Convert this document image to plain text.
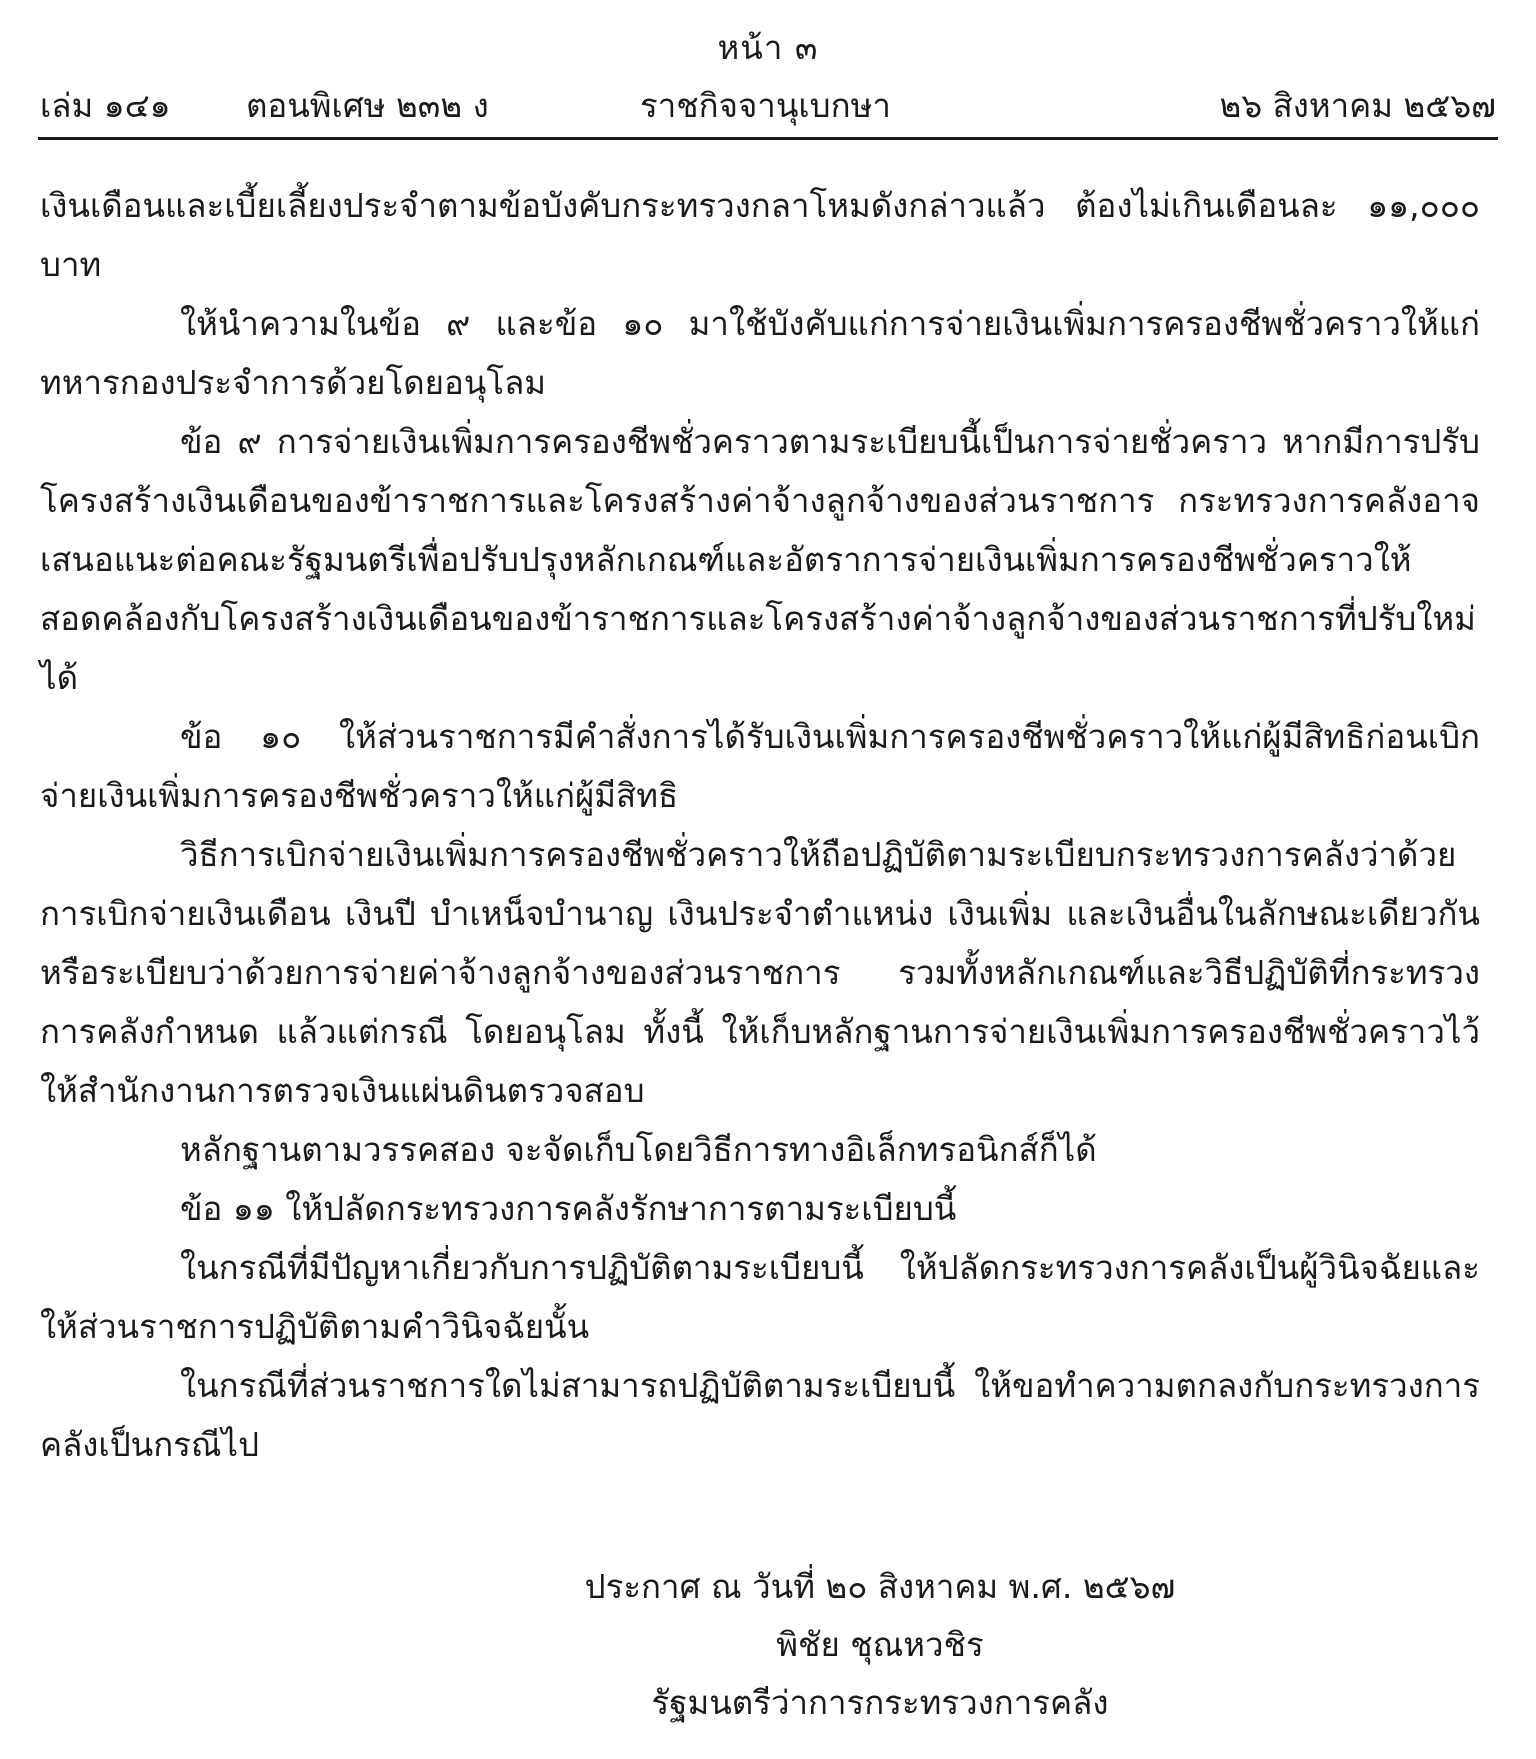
หน้า ๓
เล่ม ๑๔๑ ตอนพิเศษ ๒๓๒ ง	ราชกิจจานุเบกษา	๒๖ สิงหาคม ๒๕๖๗

เงินเดือนและเบี้ยเลี้ยงประจำตามข้อบังคับกระทรวงกลาโหมดังกล่าวแล้ว ต้องไม่เกินเดือนละ ๑๑,๐๐๐ บาท

ให้นำความในข้อ ๙ และข้อ ๑๐ มาใช้บังคับแก่การจ่ายเงินเพิ่มการครองชีพชั่วคราวให้แก่ทหารกองประจำการด้วยโดยอนุโลม

ข้อ ๙ การจ่ายเงินเพิ่มการครองชีพชั่วคราวตามระเบียบนี้เป็นการจ่ายชั่วคราว หากมีการปรับโครงสร้างเงินเดือนของข้าราชการและโครงสร้างค่าจ้างลูกจ้างของส่วนราชการ กระทรวงการคลังอาจเสนอแนะต่อคณะรัฐมนตรีเพื่อปรับปรุงหลักเกณฑ์และอัตราการจ่ายเงินเพิ่มการครองชีพชั่วคราวให้สอดคล้องกับโครงสร้างเงินเดือนของข้าราชการและโครงสร้างค่าจ้างลูกจ้างของส่วนราชการที่ปรับใหม่ได้

ข้อ ๑๐ ให้ส่วนราชการมีคำสั่งการได้รับเงินเพิ่มการครองชีพชั่วคราวให้แก่ผู้มีสิทธิก่อนเบิกจ่ายเงินเพิ่มการครองชีพชั่วคราวให้แก่ผู้มีสิทธิ

วิธีการเบิกจ่ายเงินเพิ่มการครองชีพชั่วคราวให้ถือปฏิบัติตามระเบียบกระทรวงการคลังว่าด้วยการเบิกจ่ายเงินเดือน เงินปี บำเหน็จบำนาญ เงินประจำตำแหน่ง เงินเพิ่ม และเงินอื่นในลักษณะเดียวกัน หรือระเบียบว่าด้วยการจ่ายค่าจ้างลูกจ้างของส่วนราชการ รวมทั้งหลักเกณฑ์และวิธีปฏิบัติที่กระทรวงการคลังกำหนด แล้วแต่กรณี โดยอนุโลม ทั้งนี้ ให้เก็บหลักฐานการจ่ายเงินเพิ่มการครองชีพชั่วคราวไว้ให้สำนักงานการตรวจเงินแผ่นดินตรวจสอบ

หลักฐานตามวรรคสอง จะจัดเก็บโดยวิธีการทางอิเล็กทรอนิกส์ก็ได้

ข้อ ๑๑ ให้ปลัดกระทรวงการคลังรักษาการตามระเบียบนี้

ในกรณีที่มีปัญหาเกี่ยวกับการปฏิบัติตามระเบียบนี้ ให้ปลัดกระทรวงการคลังเป็นผู้วินิจฉัยและให้ส่วนราชการปฏิบัติตามคำวินิจฉัยนั้น

ในกรณีที่ส่วนราชการใดไม่สามารถปฏิบัติตามระเบียบนี้ ให้ขอทำความตกลงกับกระทรวงการคลังเป็นกรณีไป

ประกาศ ณ วันที่ ๒๐ สิงหาคม พ.ศ. ๒๕๖๗
พิชัย ชุณหวชิร
รัฐมนตรีว่าการกระทรวงการคลัง
